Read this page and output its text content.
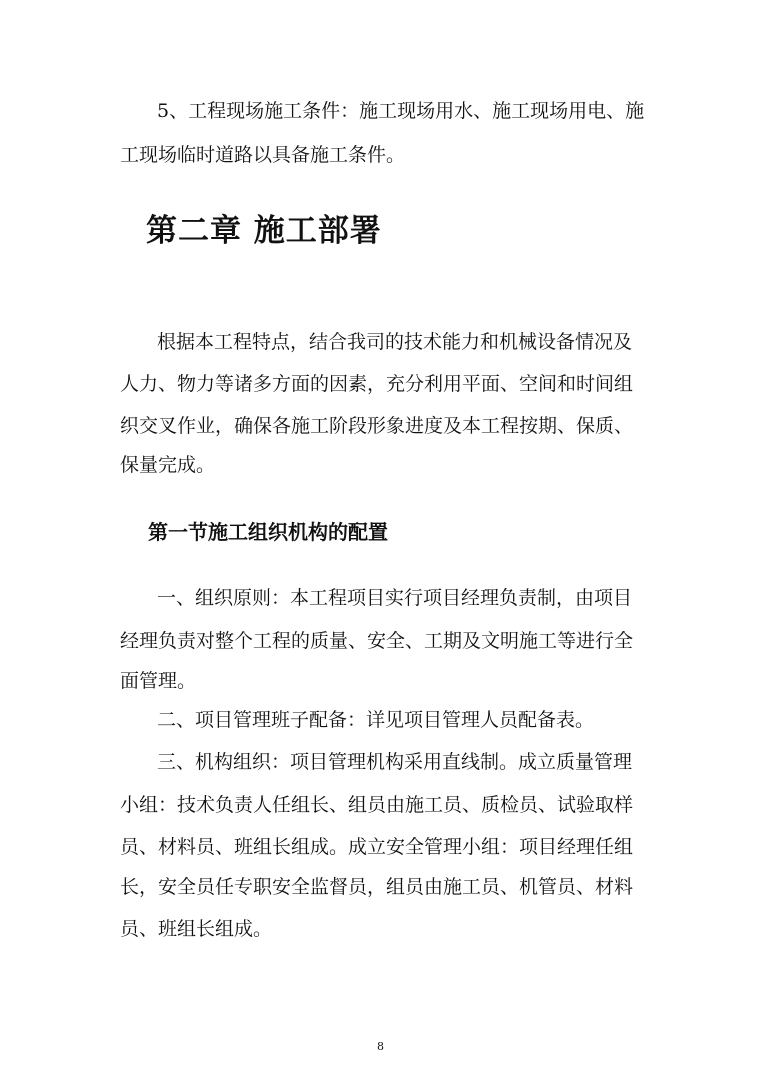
5、工程现场施工条件：施工现场用水、施工现场用电、施
工现场临时道路以具备施工条件。
第二章 施工部署
根据本工程特点，结合我司的技术能力和机械设备情况及
人力、物力等诸多方面的因素，充分利用平面、空间和时间组
织交叉作业，确保各施工阶段形象进度及本工程按期、保质、
保量完成。
第一节施工组织机构的配置
一、组织原则：本工程项目实行项目经理负责制，由项目
经理负责对整个工程的质量、安全、工期及文明施工等进行全
面管理。
二、项目管理班子配备：详见项目管理人员配备表。
三、机构组织：项目管理机构采用直线制。成立质量管理
小组：技术负责人任组长、组员由施工员、质检员、试验取样
员、材料员、班组长组成。成立安全管理小组：项目经理任组
长，安全员任专职安全监督员，组员由施工员、机管员、材料
员、班组长组成。
8
